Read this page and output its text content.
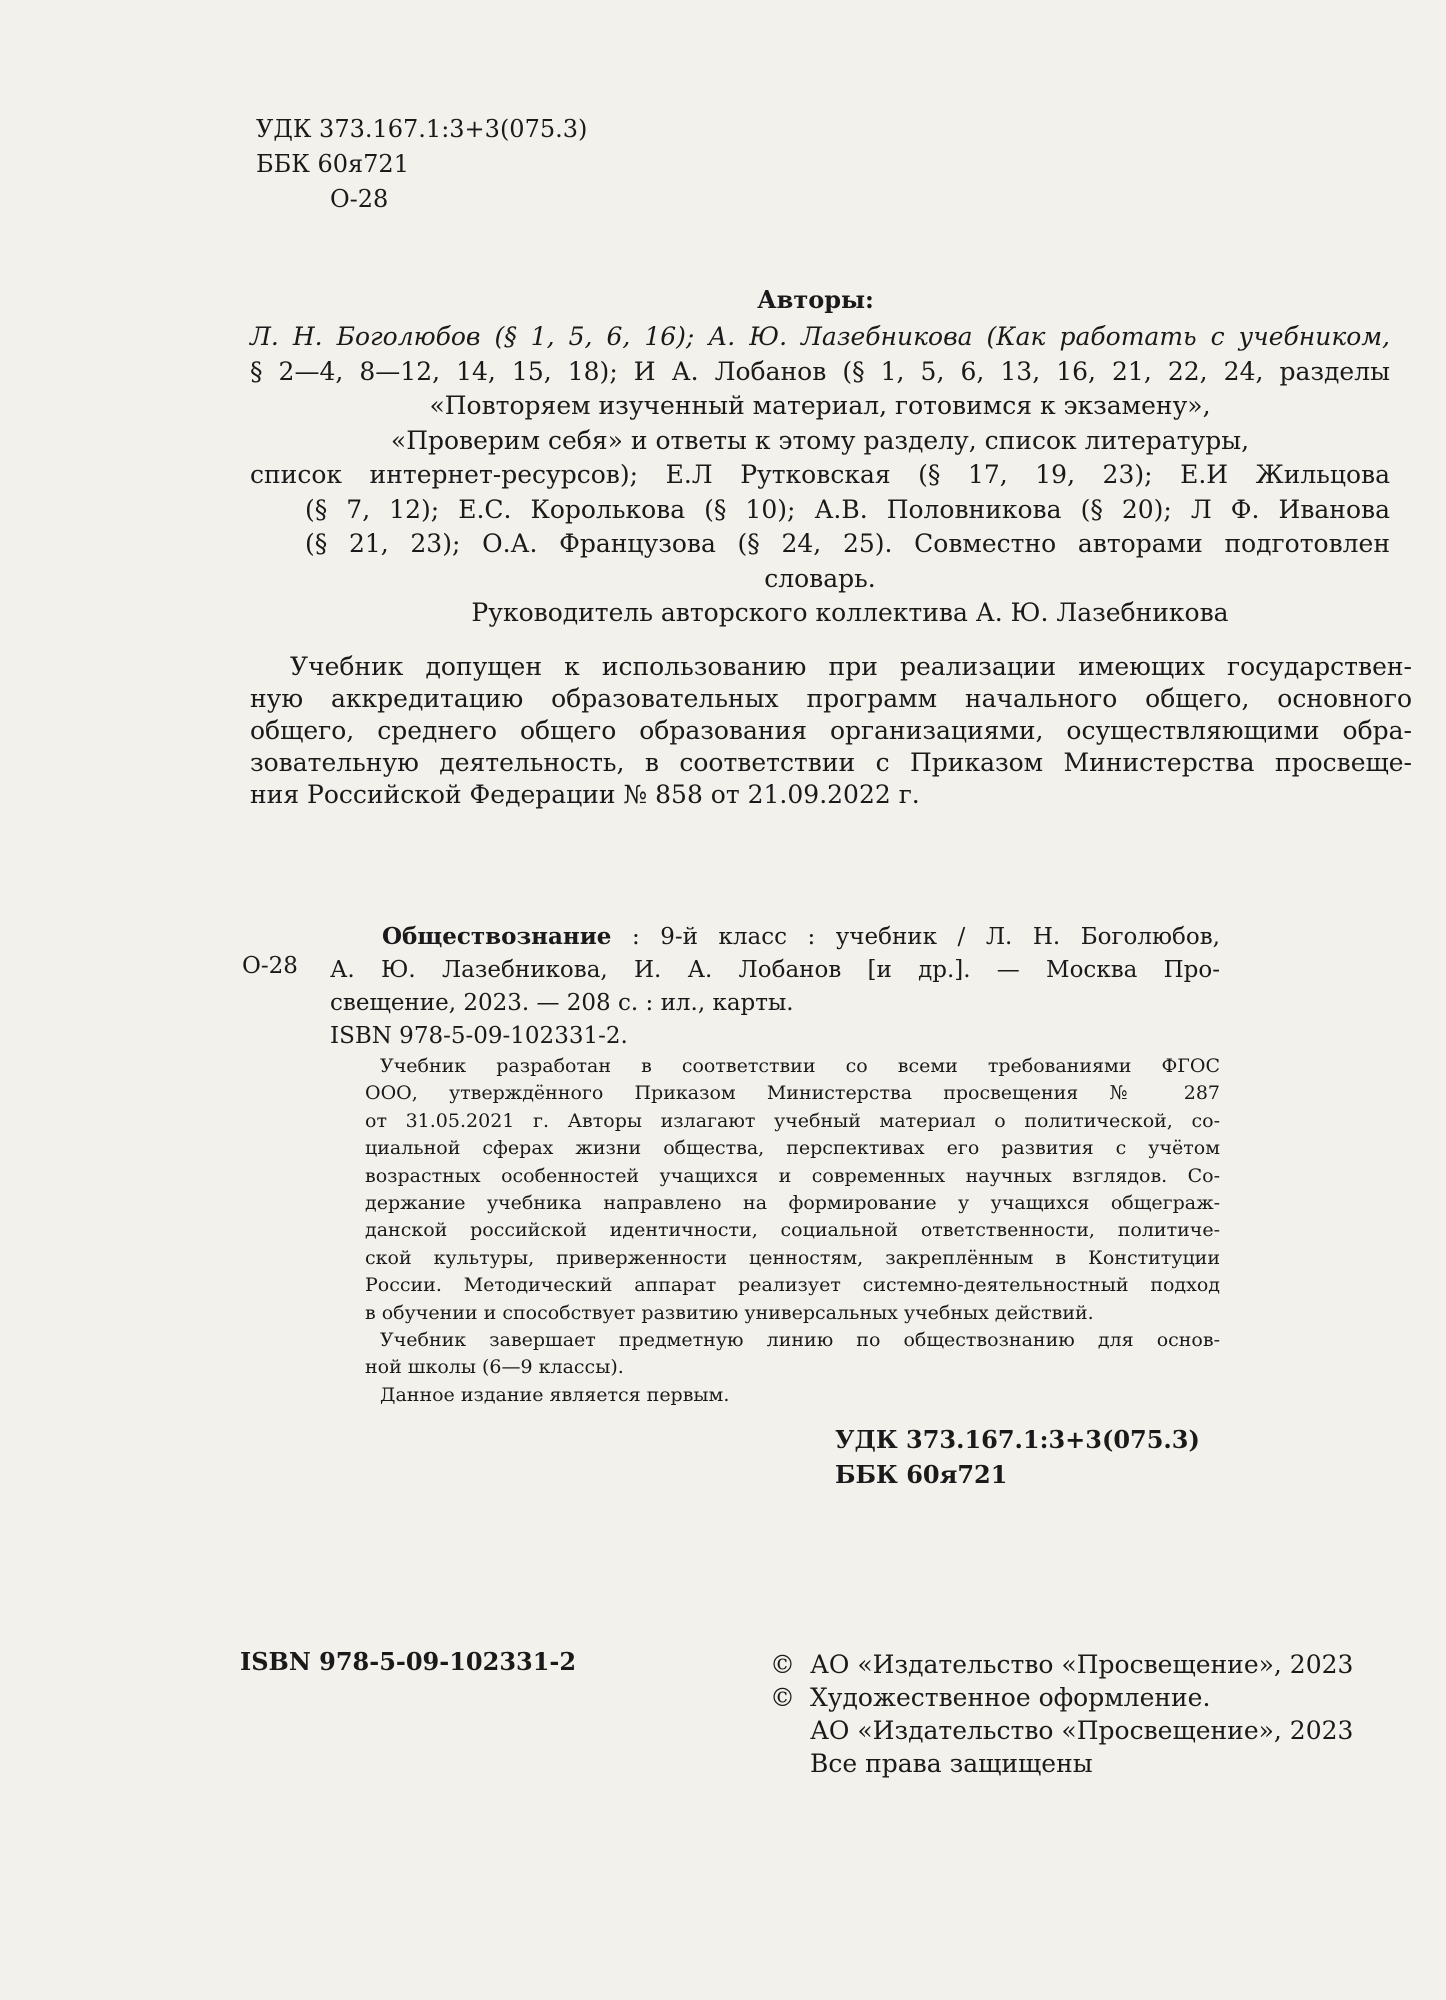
УДК 373.167.1:3+3(075.3)
ББК 60я721
О-28
Авторы:
Л. Н. Боголюбов (§ 1, 5, 6, 16); А. Ю. Лазебникова (Как работать с учебником,
§ 2—4, 8—12, 14, 15, 18); И А. Лобанов (§ 1, 5, 6, 13, 16, 21, 22, 24, разделы
«Повторяем изученный материал, готовимся к экзамену»,
«Проверим себя» и ответы к этому разделу, список литературы,
список интернет-ресурсов); Е.Л Рутковская (§ 17, 19, 23); Е.И Жильцова
(§ 7, 12); Е.С. Королькова (§ 10); А.В. Половникова (§ 20); Л Ф. Иванова
(§ 21, 23); О.А. Французова (§ 24, 25). Совместно авторами подготовлен
словарь.
Руководитель авторского коллектива А. Ю. Лазебникова
Учебник допущен к использованию при реализации имеющих государствен-
ную аккредитацию образовательных программ начального общего, основного
общего, среднего общего образования организациями, осуществляющими обра-
зовательную деятельность, в соответствии с Приказом Министерства просвеще-
ния Российской Федерации № 858 от 21.09.2022 г.
О-28
Обществознание : 9-й класс : учебник / Л. Н. Боголюбов,
А. Ю. Лазебникова, И. А. Лобанов [и др.]. — Москва Про-
свещение, 2023. — 208 с. : ил., карты.
ISBN 978-5-09-102331-2.
Учебник разработан в соответствии со всеми требованиями ФГОС
ООО, утверждённого Приказом Министерства просвещения № 287
от 31.05.2021 г. Авторы излагают учебный материал о политической, со-
циальной сферах жизни общества, перспективах его развития с учётом
возрастных особенностей учащихся и современных научных взглядов. Со-
держание учебника направлено на формирование у учащихся общеграж-
данской российской идентичности, социальной ответственности, политиче-
ской культуры, приверженности ценностям, закреплённым в Конституции
России. Методический аппарат реализует системно-деятельностный подход
в обучении и способствует развитию универсальных учебных действий.
Учебник завершает предметную линию по обществознанию для основ-
ной школы (6—9 классы).
Данное издание является первым.
УДК 373.167.1:3+3(075.3)
ББК 60я721
ISBN 978-5-09-102331-2	© АО «Издательство «Просвещение», 2023
© Художественное оформление.
АО «Издательство «Просвещение», 2023
Все права защищены
